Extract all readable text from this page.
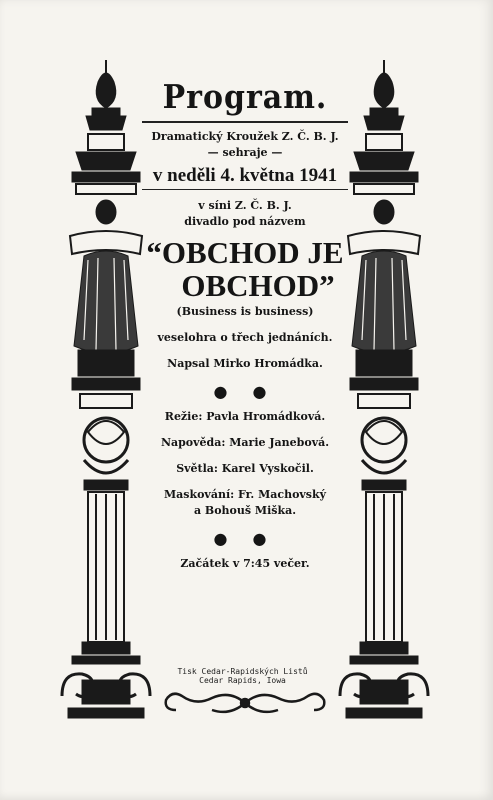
Program.
Dramatický Kroužek Z. Č. B. J.
— sehraje —
v neděli 4. května 1941
v síni Z. Č. B. J.
divadlo pod názvem
“OBCHOD JE
OBCHOD”
(Business is business)
veselohra o třech jednáních.
Napsal Mirko Hromádka.
● ●
Režie: Pavla Hromádková.
Napověda: Marie Janebová.
Světla: Karel Vyskočil.
Maskování: Fr. Machovský
a Bohouš Miška.
● ●
Začátek v 7:45 večer.
Tisk Cedar-Rapidských Listů
Cedar Rapids, Iowa
